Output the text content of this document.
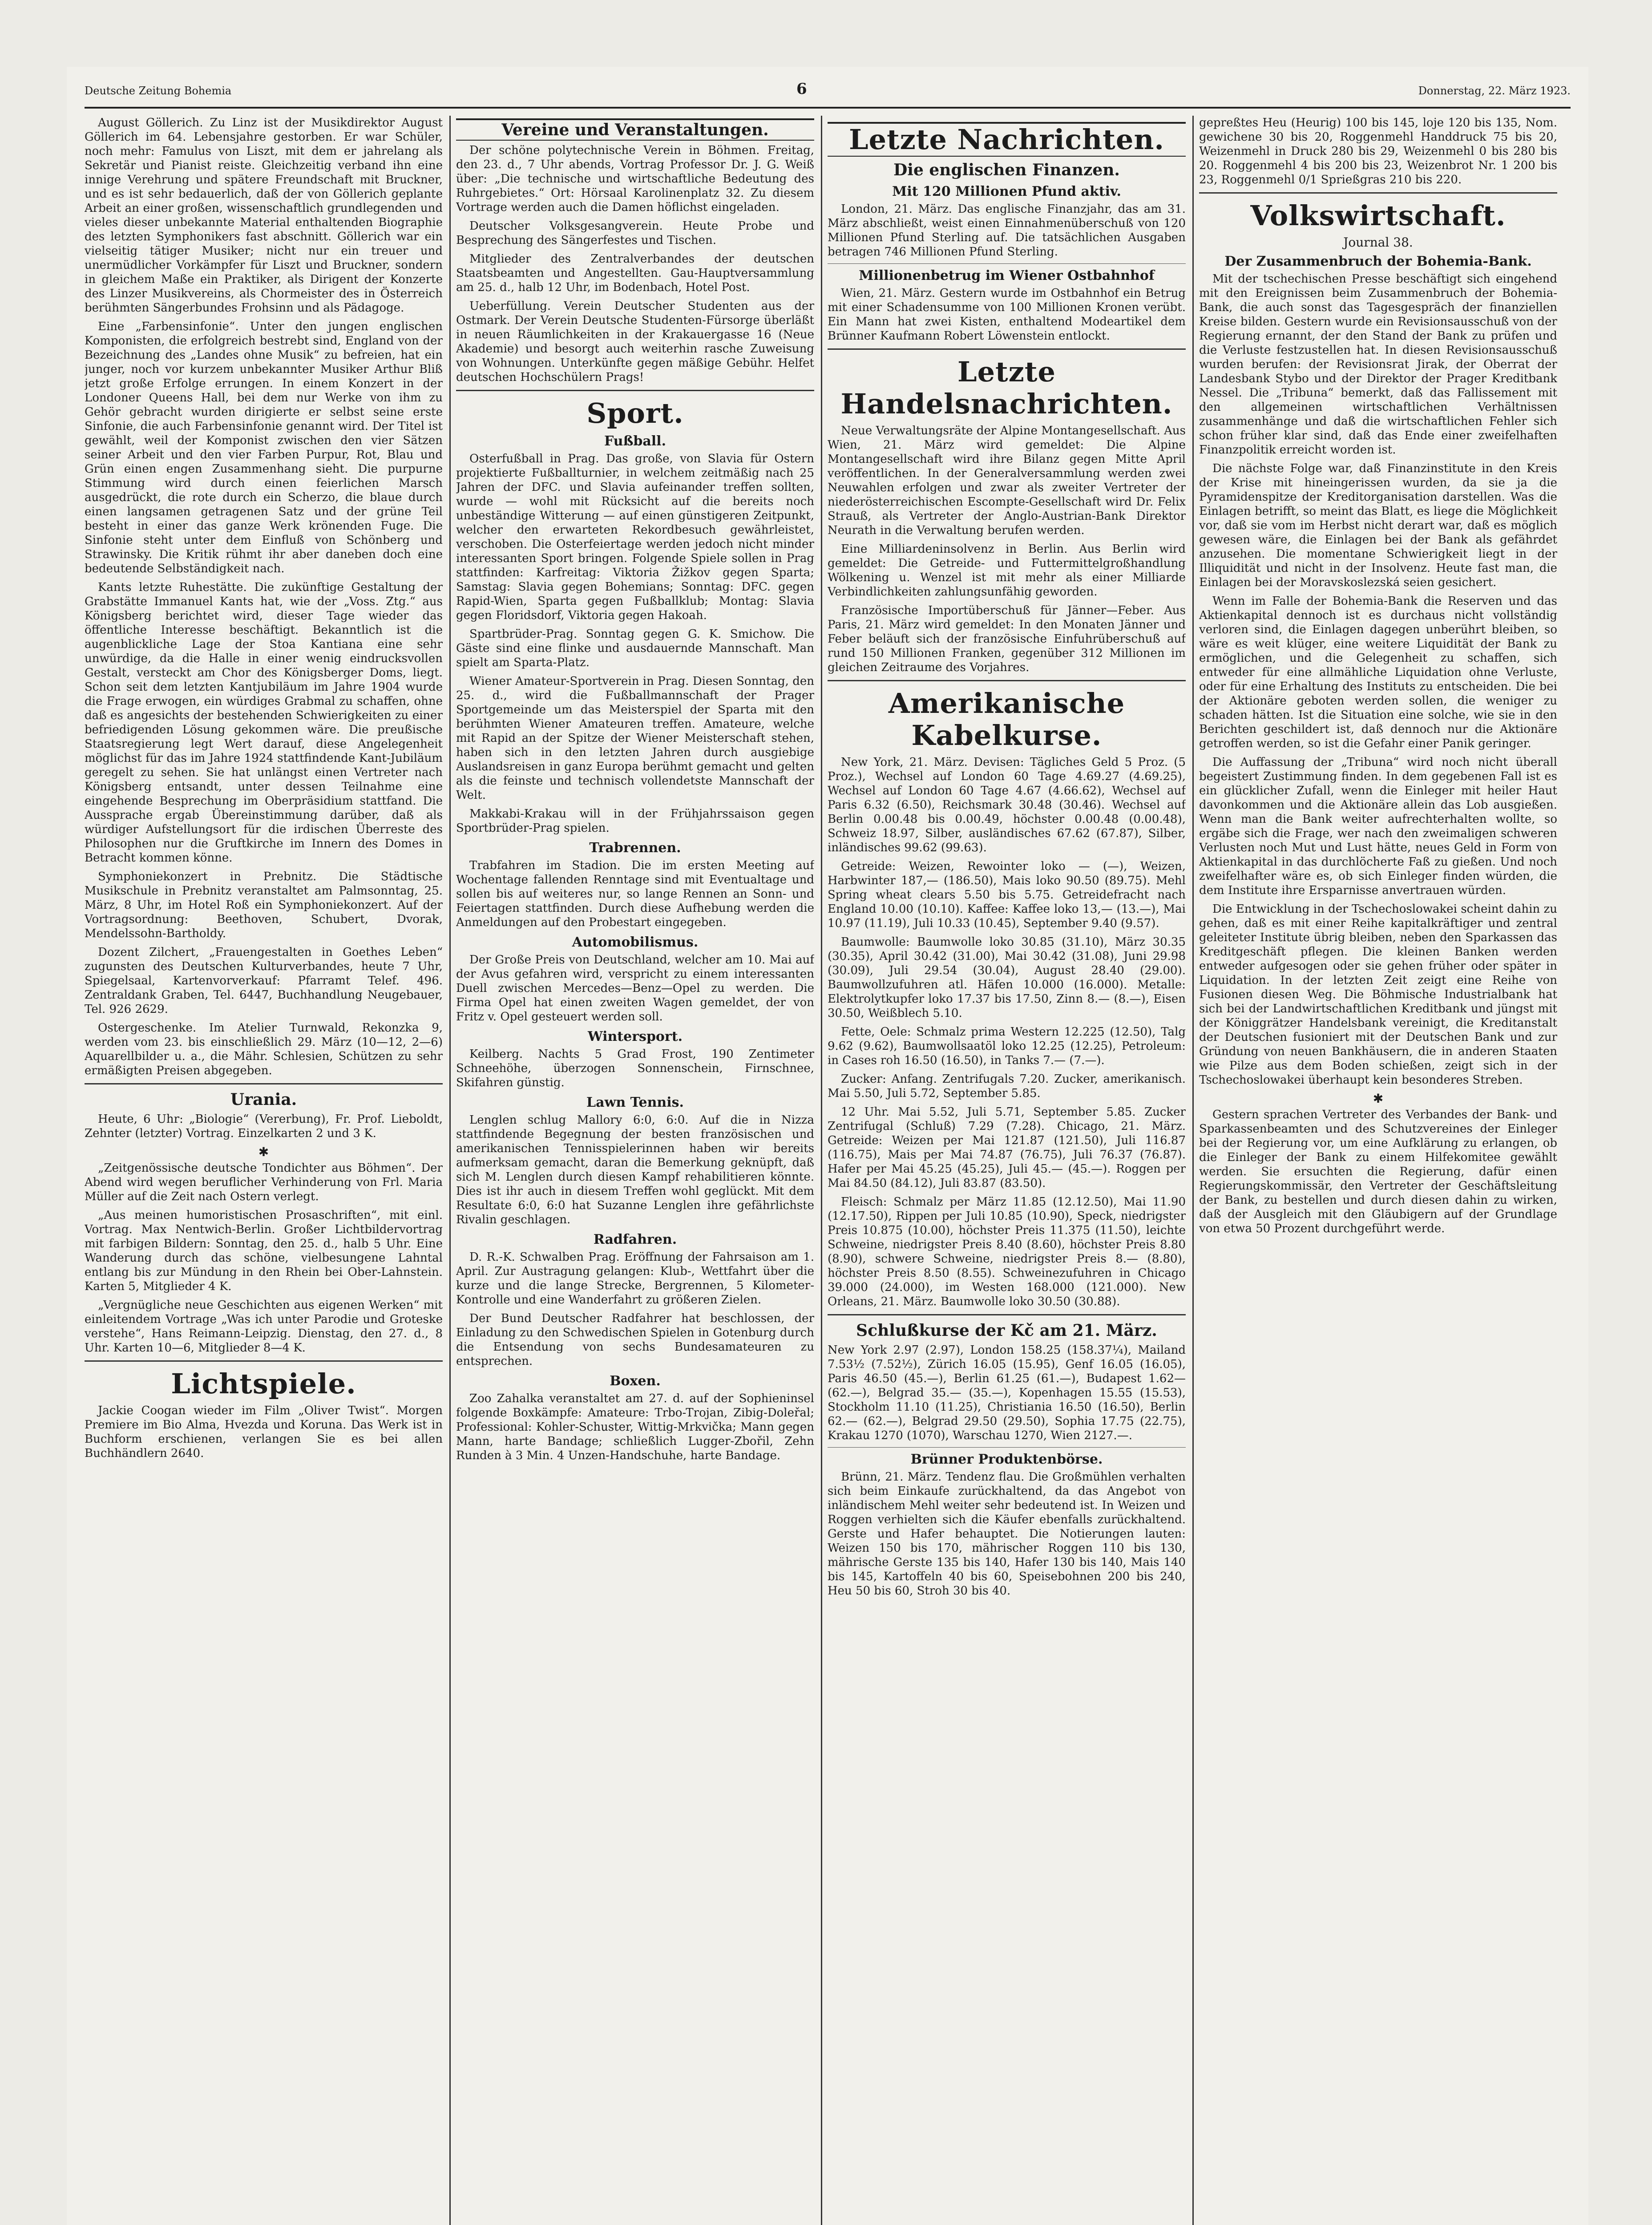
Deutsche Zeitung Bohemia	6	Donnerstag, 22. März 1923.

August Göllerich. Zu Linz ist der Musikdirektor August Göllerich im 64. Lebensjahre gestorben. Er war Schüler, noch mehr: Famulus von Liszt, mit dem er jahrelang als Sekretär und Pianist reiste. Gleichzeitig verband ihn eine innige Verehrung und spätere Freundschaft mit Bruckner, und es ist sehr bedauerlich, daß der von Göllerich geplante Arbeit an einer großen, wissenschaftlich grundlegenden und vieles dieser unbekannte Material enthaltenden Biographie des letzten Symphonikers fast abschnitt. Göllerich war ein vielseitig tätiger Musiker; nicht nur ein treuer und unermüdlicher Vorkämpfer für Liszt und Bruckner, sondern in gleichem Maße ein Praktiker, als Dirigent der Konzerte des Linzer Musikvereins, als Chormeister des in Österreich berühmten Sängerbundes Frohsinn und als Pädagoge.

Eine „Farbensinfonie“. Unter den jungen englischen Komponisten, die erfolgreich bestrebt sind, England von der Bezeichnung des „Landes ohne Musik“ zu befreien, hat ein junger, noch vor kurzem unbekannter Musiker Arthur Bliß jetzt große Erfolge errungen. In einem Konzert in der Londoner Queens Hall, bei dem nur Werke von ihm zu Gehör gebracht wurden dirigierte er selbst seine erste Sinfonie, die auch Farbensinfonie genannt wird. Der Titel ist gewählt, weil der Komponist zwischen den vier Sätzen seiner Arbeit und den vier Farben Purpur, Rot, Blau und Grün einen engen Zusammenhang sieht. Die purpurne Stimmung wird durch einen feierlichen Marsch ausgedrückt, die rote durch ein Scherzo, die blaue durch einen langsamen getragenen Satz und der grüne Teil besteht in einer das ganze Werk krönenden Fuge. Die Sinfonie steht unter dem Einfluß von Schönberg und Strawinsky. Die Kritik rühmt ihr aber daneben doch eine bedeutende Selbständigkeit nach.

Kants letzte Ruhestätte. Die zukünftige Gestaltung der Grabstätte Immanuel Kants hat, wie der „Voss. Ztg.“ aus Königsberg berichtet wird, dieser Tage wieder das öffentliche Interesse beschäftigt. Bekanntlich ist die augenblickliche Lage der Stoa Kantiana eine sehr unwürdige, da die Halle in einer wenig eindrucksvollen Gestalt, versteckt am Chor des Königsberger Doms, liegt. Schon seit dem letzten Kantjubiläum im Jahre 1904 wurde die Frage erwogen, ein würdiges Grabmal zu schaffen, ohne daß es angesichts der bestehenden Schwierigkeiten zu einer befriedigenden Lösung gekommen wäre. Die preußische Staatsregierung legt Wert darauf, diese Angelegenheit möglichst für das im Jahre 1924 stattfindende Kant-Jubiläum geregelt zu sehen. Sie hat unlängst einen Vertreter nach Königsberg entsandt, unter dessen Teilnahme eine eingehende Besprechung im Oberpräsidium stattfand. Die Aussprache ergab Übereinstimmung darüber, daß als würdiger Aufstellungsort für die irdischen Überreste des Philosophen nur die Gruftkirche im Innern des Domes in Betracht kommen könne.

Symphoniekonzert in Prebnitz. Die Städtische Musikschule in Prebnitz veranstaltet am Palmsonntag, 25. März, 8 Uhr, im Hotel Roß ein Symphoniekonzert. Auf der Vortragsordnung: Beethoven, Schubert, Dvorak, Mendelssohn-Bartholdy.

Dozent Zilchert, „Frauengestalten in Goethes Leben“ zugunsten des Deutschen Kulturverbandes, heute 7 Uhr, Spiegelsaal, Kartenvorverkauf: Pfarramt Telef. 496. Zentraldank Graben, Tel. 6447, Buchhandlung Neugebauer, Tel. 926 2629.

Ostergeschenke. Im Atelier Turnwald, Rekonzka 9, werden vom 23. bis einschließlich 29. März (10—12, 2—6) Aquarellbilder u. a., die Mähr. Schlesien, Schützen zu sehr ermäßigten Preisen abgegeben.

Urania.

Heute, 6 Uhr: „Biologie“ (Vererbung), Fr. Prof. Lieboldt, Zehnter (letzter) Vortrag. Einzelkarten 2 und 3 K.

✱

„Zeitgenössische deutsche Tondichter aus Böhmen“. Der Abend wird wegen beruflicher Verhinderung von Frl. Maria Müller auf die Zeit nach Ostern verlegt.

„Aus meinen humoristischen Prosaschriften“, mit einl. Vortrag. Max Nentwich-Berlin. Großer Lichtbildervortrag mit farbigen Bildern: Sonntag, den 25. d., halb 5 Uhr. Eine Wanderung durch das schöne, vielbesungene Lahntal entlang bis zur Mündung in den Rhein bei Ober-Lahnstein. Karten 5, Mitglieder 4 K.

„Vergnügliche neue Geschichten aus eigenen Werken“ mit einleitendem Vortrage „Was ich unter Parodie und Groteske verstehe“, Hans Reimann-Leipzig. Dienstag, den 27. d., 8 Uhr. Karten 10—6, Mitglieder 8—4 K.

Lichtspiele.

Jackie Coogan wieder im Film „Oliver Twist“. Morgen Premiere im Bio Alma, Hvezda und Koruna. Das Werk ist in Buchform erschienen, verlangen Sie es bei allen Buchhändlern 2640.

Vereine und Veranstaltungen.

Der schöne polytechnische Verein in Böhmen. Freitag, den 23. d., 7 Uhr abends, Vortrag Professor Dr. J. G. Weiß über: „Die technische und wirtschaftliche Bedeutung des Ruhrgebietes.“ Ort: Hörsaal Karolinenplatz 32. Zu diesem Vortrage werden auch die Damen höflichst eingeladen.

Deutscher Volksgesangverein. Heute Probe und Besprechung des Sängerfestes und Tischen.

Mitglieder des Zentralverbandes der deutschen Staatsbeamten und Angestellten. Gau-Hauptversammlung am 25. d., halb 12 Uhr, im Bodenbach, Hotel Post.

Ueberfüllung. Verein Deutscher Studenten aus der Ostmark. Der Verein Deutsche Studenten-Fürsorge überläßt in neuen Räumlichkeiten in der Krakauergasse 16 (Neue Akademie) und besorgt auch weiterhin rasche Zuweisung von Wohnungen. Unterkünfte gegen mäßige Gebühr. Helfet deutschen Hochschülern Prags!

Sport.
Fußball.

Osterfußball in Prag. Das große, von Slavia für Ostern projektierte Fußballturnier, in welchem zeitmäßig nach 25 Jahren der DFC. und Slavia aufeinander treffen sollten, wurde — wohl mit Rücksicht auf die bereits noch unbeständige Witterung — auf einen günstigeren Zeitpunkt, welcher den erwarteten Rekordbesuch gewährleistet, verschoben. Die Osterfeiertage werden jedoch nicht minder interessanten Sport bringen. Folgende Spiele sollen in Prag stattfinden: Karfreitag: Viktoria Žižkov gegen Sparta; Samstag: Slavia gegen Bohemians; Sonntag: DFC. gegen Rapid-Wien, Sparta gegen Fußballklub; Montag: Slavia gegen Floridsdorf, Viktoria gegen Hakoah.

Spartbrüder-Prag. Sonntag gegen G. K. Smichow. Die Gäste sind eine flinke und ausdauernde Mannschaft. Man spielt am Sparta-Platz.

Wiener Amateur-Sportverein in Prag. Diesen Sonntag, den 25. d., wird die Fußballmannschaft der Prager Sportgemeinde um das Meisterspiel der Sparta mit den berühmten Wiener Amateuren treffen. Amateure, welche mit Rapid an der Spitze der Wiener Meisterschaft stehen, haben sich in den letzten Jahren durch ausgiebige Auslandsreisen in ganz Europa berühmt gemacht und gelten als die feinste und technisch vollendetste Mannschaft der Welt.

Makkabi-Krakau will in der Frühjahrssaison gegen Sportbrüder-Prag spielen.

Trabrennen.

Trabfahren im Stadion. Die im ersten Meeting auf Wochentage fallenden Renntage sind mit Eventualtage und sollen bis auf weiteres nur, so lange Rennen an Sonn- und Feiertagen stattfinden. Durch diese Aufhebung werden die Anmeldungen auf den Probestart eingegeben.

Automobilismus.

Der Große Preis von Deutschland, welcher am 10. Mai auf der Avus gefahren wird, verspricht zu einem interessanten Duell zwischen Mercedes—Benz—Opel zu werden. Die Firma Opel hat einen zweiten Wagen gemeldet, der von Fritz v. Opel gesteuert werden soll.

Wintersport.

Keilberg. Nachts 5 Grad Frost, 190 Zentimeter Schneehöhe, überzogen Sonnenschein, Firnschnee, Skifahren günstig.

Lawn Tennis.

Lenglen schlug Mallory 6:0, 6:0. Auf die in Nizza stattfindende Begegnung der besten französischen und amerikanischen Tennisspielerinnen haben wir bereits aufmerksam gemacht, daran die Bemerkung geknüpft, daß sich M. Lenglen durch diesen Kampf rehabilitieren könnte. Dies ist ihr auch in diesem Treffen wohl geglückt. Mit dem Resultate 6:0, 6:0 hat Suzanne Lenglen ihre gefährlichste Rivalin geschlagen.

Radfahren.

D. R.-K. Schwalben Prag. Eröffnung der Fahrsaison am 1. April. Zur Austragung gelangen: Klub-, Wettfahrt über die kurze und die lange Strecke, Bergrennen, 5 Kilometer-Kontrolle und eine Wanderfahrt zu größeren Zielen.

Der Bund Deutscher Radfahrer hat beschlossen, der Einladung zu den Schwedischen Spielen in Gotenburg durch die Entsendung von sechs Bundesamateuren zu entsprechen.

Boxen.

Zoo Zahalka veranstaltet am 27. d. auf der Sophieninsel folgende Boxkämpfe: Amateure: Trbo-Trojan, Zibig-Doleřal; Professional: Kohler-Schuster, Wittig-Mrkvička; Mann gegen Mann, harte Bandage; schließlich Lugger-Zbořil, Zehn Runden à 3 Min. 4 Unzen-Handschuhe, harte Bandage.

Letzte Nachrichten.
Die englischen Finanzen.
Mit 120 Millionen Pfund aktiv.

London, 21. März. Das englische Finanzjahr, das am 31. März abschließt, weist einen Einnahmenüberschuß von 120 Millionen Pfund Sterling auf. Die tatsächlichen Ausgaben betragen 746 Millionen Pfund Sterling.

Millionenbetrug im Wiener Ostbahnhof

Wien, 21. März. Gestern wurde im Ostbahnhof ein Betrug mit einer Schadensumme von 100 Millionen Kronen verübt. Ein Mann hat zwei Kisten, enthaltend Modeartikel dem Brünner Kaufmann Robert Löwenstein entlockt.

Letzte Handelsnachrichten.

Neue Verwaltungsräte der Alpine Montangesellschaft. Aus Wien, 21. März wird gemeldet: Die Alpine Montangesellschaft wird ihre Bilanz gegen Mitte April veröffentlichen. In der Generalversammlung werden zwei Neuwahlen erfolgen und zwar als zweiter Vertreter der niederösterreichischen Escompte-Gesellschaft wird Dr. Felix Strauß, als Vertreter der Anglo-Austrian-Bank Direktor Neurath in die Verwaltung berufen werden.

Eine Milliardeninsolvenz in Berlin. Aus Berlin wird gemeldet: Die Getreide- und Futtermittelgroßhandlung Wölkening u. Wenzel ist mit mehr als einer Milliarde Verbindlichkeiten zahlungsunfähig geworden.

Französische Importüberschuß für Jänner—Feber. Aus Paris, 21. März wird gemeldet: In den Monaten Jänner und Feber beläuft sich der französische Einfuhrüberschuß auf rund 150 Millionen Franken, gegenüber 312 Millionen im gleichen Zeitraume des Vorjahres.

Amerikanische Kabelkurse.

New York, 21. März. Devisen: Tägliches Geld 5 Proz. (5 Proz.), Wechsel auf London 60 Tage 4.69.27 (4.69.25), Wechsel auf London 60 Tage 4.67 (4.66.62), Wechsel auf Paris 6.32 (6.50), Reichsmark 30.48 (30.46). Wechsel auf Berlin 0.00.48 bis 0.00.49, höchster 0.00.48 (0.00.48), Schweiz 18.97, Silber, ausländisches 67.62 (67.87), Silber, inländisches 99.62 (99.63).

Getreide: Weizen, Rewointer loko — (—), Weizen, Harbwinter 187,— (186.50), Mais loko 90.50 (89.75). Mehl Spring wheat clears 5.50 bis 5.75. Getreidefracht nach England 10.00 (10.10). Kaffee: Kaffee loko 13,— (13.—), Mai 10.97 (11.19), Juli 10.33 (10.45), September 9.40 (9.57).

Baumwolle: Baumwolle loko 30.85 (31.10), März 30.35 (30.35), April 30.42 (31.00), Mai 30.42 (31.08), Juni 29.98 (30.09), Juli 29.54 (30.04), August 28.40 (29.00). Baumwollzufuhren atl. Häfen 10.000 (16.000). Metalle: Elektrolytkupfer loko 17.37 bis 17.50, Zinn 8.— (8.—), Eisen 30.50, Weißblech 5.10.

Fette, Oele: Schmalz prima Western 12.225 (12.50), Talg 9.62 (9.62), Baumwollsaatöl loko 12.25 (12.25), Petroleum: in Cases roh 16.50 (16.50), in Tanks 7.— (7.—).

Zucker: Anfang. Zentrifugals 7.20. Zucker, amerikanisch. Mai 5.50, Juli 5.72, September 5.85.

12 Uhr. Mai 5.52, Juli 5.71, September 5.85. Zucker Zentrifugal (Schluß) 7.29 (7.28). Chicago, 21. März. Getreide: Weizen per Mai 121.87 (121.50), Juli 116.87 (116.75), Mais per Mai 74.87 (76.75), Juli 76.37 (76.87). Hafer per Mai 45.25 (45.25), Juli 45.— (45.—). Roggen per Mai 84.50 (84.12), Juli 83.87 (83.50).

Fleisch: Schmalz per März 11.85 (12.12.50), Mai 11.90 (12.17.50), Rippen per Juli 10.85 (10.90), Speck, niedrigster Preis 10.875 (10.00), höchster Preis 11.375 (11.50), leichte Schweine, niedrigster Preis 8.40 (8.60), höchster Preis 8.80 (8.90), schwere Schweine, niedrigster Preis 8.— (8.80), höchster Preis 8.50 (8.55). Schweinezufuhren in Chicago 39.000 (24.000), im Westen 168.000 (121.000). New Orleans, 21. März. Baumwolle loko 30.50 (30.88).

Schlußkurse der Kč am 21. März.

New York 2.97 (2.97), London 158.25 (158.37¼), Mailand 7.53½ (7.52½), Zürich 16.05 (15.95), Genf 16.05 (16.05), Paris 46.50 (45.—), Berlin 61.25 (61.—), Budapest 1.62— (62.—), Belgrad 35.— (35.—), Kopenhagen 15.55 (15.53), Stockholm 11.10 (11.25), Christiania 16.50 (16.50), Berlin 62.— (62.—), Belgrad 29.50 (29.50), Sophia 17.75 (22.75), Krakau 1270 (1070), Warschau 1270, Wien 2127.—.

Brünner Produktenbörse.

Brünn, 21. März. Tendenz flau. Die Großmühlen verhalten sich beim Einkaufe zurückhaltend, da das Angebot von inländischem Mehl weiter sehr bedeutend ist. In Weizen und Roggen verhielten sich die Käufer ebenfalls zurückhaltend. Gerste und Hafer behauptet. Die Notierungen lauten: Weizen 150 bis 170, mährischer Roggen 110 bis 130, mährische Gerste 135 bis 140, Hafer 130 bis 140, Mais 140 bis 145, Kartoffeln 40 bis 60, Speisebohnen 200 bis 240, Heu 50 bis 60, Stroh 30 bis 40.

gepreßtes Heu (Heurig) 100 bis 145, loje 120 bis 135, Nom. gewichene 30 bis 20, Roggenmehl Handdruck 75 bis 20, Weizenmehl in Druck 280 bis 29, Weizenmehl 0 bis 280 bis 20. Roggenmehl 4 bis 200 bis 23, Weizenbrot Nr. 1 200 bis 23, Roggenmehl 0/1 Sprießgras 210 bis 220.

Volkswirtschaft.
Journal 38.
Der Zusammenbruch der Bohemia-Bank.

Mit der tschechischen Presse beschäftigt sich eingehend mit den Ereignissen beim Zusammenbruch der Bohemia-Bank, die auch sonst das Tagesgespräch der finanziellen Kreise bilden. Gestern wurde ein Revisionsausschuß von der Regierung ernannt, der den Stand der Bank zu prüfen und die Verluste festzustellen hat. In diesen Revisionsausschuß wurden berufen: der Revisionsrat Jirak, der Oberrat der Landesbank Stybo und der Direktor der Prager Kreditbank Nessel. Die „Tribuna“ bemerkt, daß das Fallissement mit den allgemeinen wirtschaftlichen Verhältnissen zusammenhänge und daß die wirtschaftlichen Fehler sich schon früher klar sind, daß das Ende einer zweifelhaften Finanzpolitik erreicht worden ist.

Die nächste Folge war, daß Finanzinstitute in den Kreis der Krise mit hineingerissen wurden, da sie ja die Pyramidenspitze der Kreditorganisation darstellen. Was die Einlagen betrifft, so meint das Blatt, es liege die Möglichkeit vor, daß sie vom im Herbst nicht derart war, daß es möglich gewesen wäre, die Einlagen bei der Bank als gefährdet anzusehen. Die momentane Schwierigkeit liegt in der Illiquidität und nicht in der Insolvenz. Heute fast man, die Einlagen bei der Moravskoslezská seien gesichert.

Wenn im Falle der Bohemia-Bank die Reserven und das Aktienkapital dennoch ist es durchaus nicht vollständig verloren sind, die Einlagen dagegen unberührt bleiben, so wäre es weit klüger, eine weitere Liquidität der Bank zu ermöglichen, und die Gelegenheit zu schaffen, sich entweder für eine allmähliche Liquidation ohne Verluste, oder für eine Erhaltung des Instituts zu entscheiden. Die bei der Aktionäre geboten werden sollen, die weniger zu schaden hätten. Ist die Situation eine solche, wie sie in den Berichten geschildert ist, daß dennoch nur die Aktionäre getroffen werden, so ist die Gefahr einer Panik geringer.

Die Auffassung der „Tribuna“ wird noch nicht überall begeistert Zustimmung finden. In dem gegebenen Fall ist es ein glücklicher Zufall, wenn die Einleger mit heiler Haut davonkommen und die Aktionäre allein das Lob ausgießen. Wenn man die Bank weiter aufrechterhalten wollte, so ergäbe sich die Frage, wer nach den zweimaligen schweren Verlusten noch Mut und Lust hätte, neues Geld in Form von Aktienkapital in das durchlöcherte Faß zu gießen. Und noch zweifelhafter wäre es, ob sich Einleger finden würden, die dem Institute ihre Ersparnisse anvertrauen würden.

Die Entwicklung in der Tschechoslowakei scheint dahin zu gehen, daß es mit einer Reihe kapitalkräftiger und zentral geleiteter Institute übrig bleiben, neben den Sparkassen das Kreditgeschäft pflegen. Die kleinen Banken werden entweder aufgesogen oder sie gehen früher oder später in Liquidation. In der letzten Zeit zeigt eine Reihe von Fusionen diesen Weg. Die Böhmische Industrialbank hat sich bei der Landwirtschaftlichen Kreditbank und jüngst mit der Königgrätzer Handelsbank vereinigt, die Kreditanstalt der Deutschen fusioniert mit der Deutschen Bank und zur Gründung von neuen Bankhäusern, die in anderen Staaten wie Pilze aus dem Boden schießen, zeigt sich in der Tschechoslowakei überhaupt kein besonderes Streben.

✱

Gestern sprachen Vertreter des Verbandes der Bank- und Sparkassenbeamten und des Schutzvereines der Einleger bei der Regierung vor, um eine Aufklärung zu erlangen, ob die Einleger der Bank zu einem Hilfekomitee gewählt werden. Sie ersuchten die Regierung, dafür einen Regierungskommissär, den Vertreter der Geschäftsleitung der Bank, zu bestellen und durch diesen dahin zu wirken, daß der Ausgleich mit den Gläubigern auf der Grundlage von etwa 50 Prozent durchgeführt werde.
